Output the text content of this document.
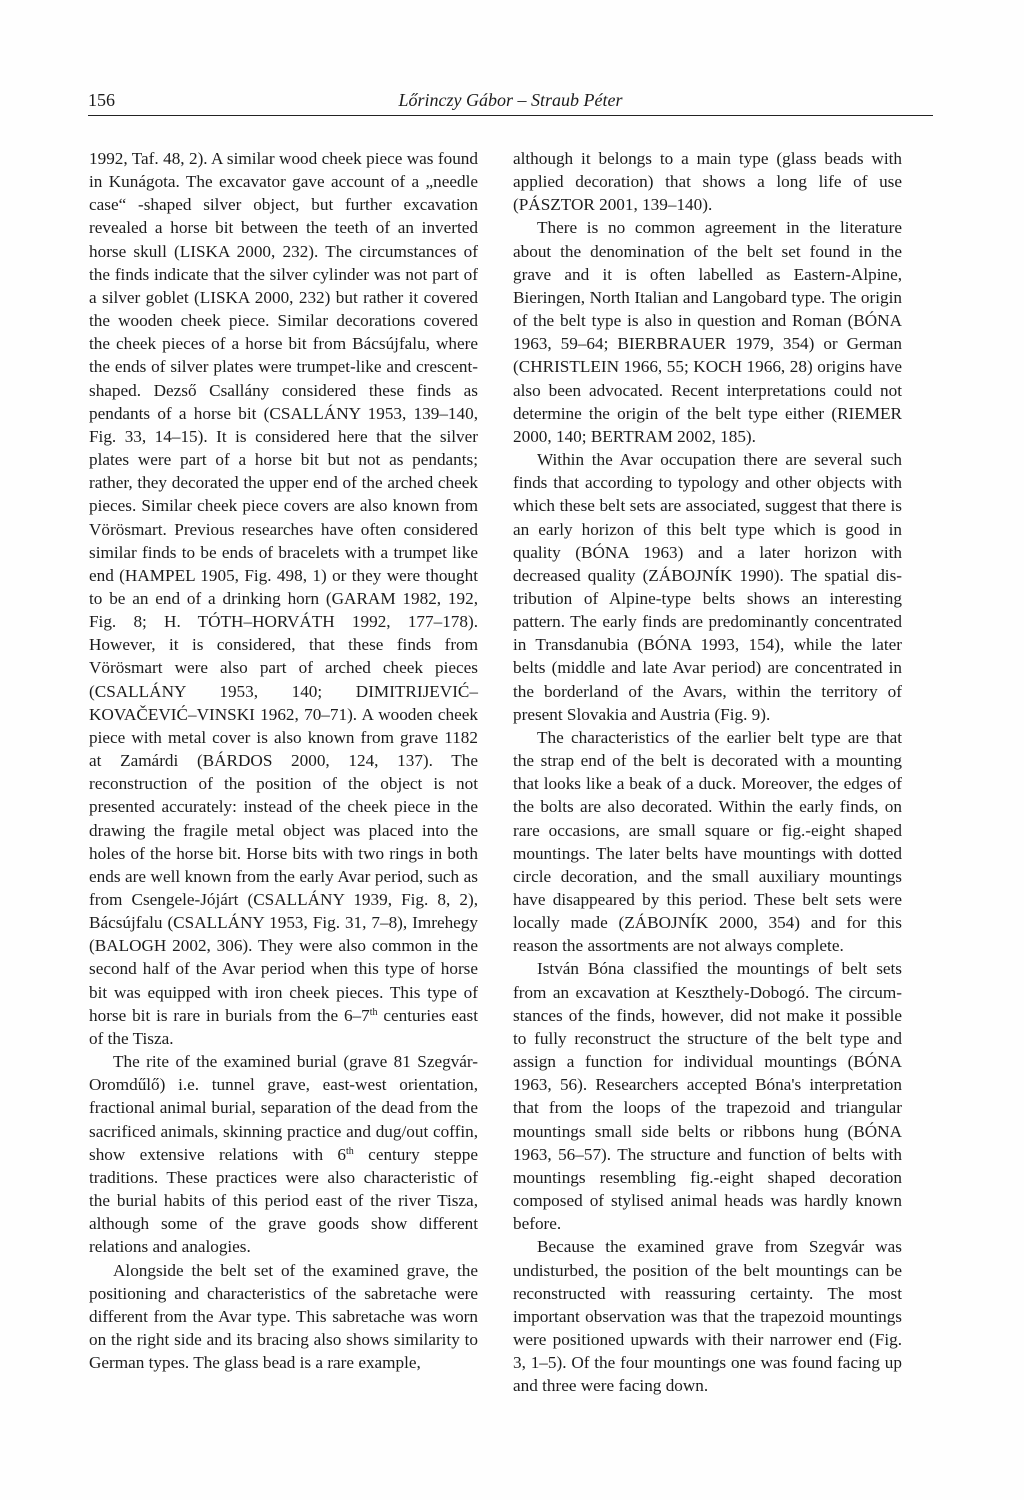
156	Lőrinczy Gábor – Straub Péter

1992, Taf. 48, 2). A similar wood cheek piece was found in Kunágota. The excavator gave account of a „needle case“ -shaped silver object, but further excavation revealed a horse bit between the teeth of an inverted horse skull (LISKA 2000, 232). The circumstances of the finds indicate that the silver cylinder was not part of a silver goblet (LISKA 2000, 232) but rather it covered the wooden cheek piece. Similar decorations covered the cheek pieces of a horse bit from Bácsújfalu, where the ends of silver plates were trumpet-like and crescent-shaped. Dezső Csallány considered these finds as pendants of a horse bit (CSALLÁNY 1953, 139–140, Fig. 33, 14–15). It is considered here that the silver plates were part of a horse bit but not as pendants; rather, they decorated the upper end of the arched cheek pieces. Similar cheek piece covers are also known from Vörösmart. Previous researches have often considered similar finds to be ends of bracelets with a trumpet like end (HAMPEL 1905, Fig. 498, 1) or they were thought to be an end of a drinking horn (GARAM 1982, 192, Fig. 8; H. TÓTH–HORVÁTH 1992, 177–178). However, it is considered, that these finds from Vörösmart were also part of arched cheek pieces (CSALLÁNY 1953, 140; DIMITRIJEVIĆ–KOVAČEVIĆ–VINSKI 1962, 70–71). A wooden cheek piece with metal cover is also known from grave 1182 at Zamárdi (BÁRDOS 2000, 124, 137). The reconstruction of the position of the object is not presented accurately: instead of the cheek piece in the drawing the fragile metal object was placed into the holes of the horse bit. Horse bits with two rings in both ends are well known from the early Avar period, such as from Csengele-Jójárt (CSALLÁNY 1939, Fig. 8, 2), Bácsújfalu (CSALLÁNY 1953, Fig. 31, 7–8), Imrehegy (BALOGH 2002, 306). They were also common in the second half of the Avar period when this type of horse bit was equipped with iron cheek pieces. This type of horse bit is rare in burials from the 6–7th centuries east of the Tisza.

The rite of the examined burial (grave 81 Szegvár-Oromdűlő) i.e. tunnel grave, east-west orientation, fractional animal burial, separation of the dead from the sacrificed animals, skinning practice and dug/out coffin, show extensive relations with 6th century steppe traditions. These practices were also characteristic of the burial habits of this period east of the river Tisza, although some of the grave goods show different relations and analogies.

Alongside the belt set of the examined grave, the positioning and characteristics of the sabretache were different from the Avar type. This sabretache was worn on the right side and its bracing also shows similarity to German types. The glass bead is a rare example,

although it belongs to a main type (glass beads with applied decoration) that shows a long life of use (PÁSZTOR 2001, 139–140).

There is no common agreement in the literature about the denomination of the belt set found in the grave and it is often labelled as Eastern-Alpine, Bieringen, North Italian and Langobard type. The origin of the belt type is also in question and Roman (BÓNA 1963, 59–64; BIERBRAUER 1979, 354) or German (CHRISTLEIN 1966, 55; KOCH 1966, 28) origins have also been advocated. Recent interpretations could not determine the origin of the belt type either (RIEMER 2000, 140; BERTRAM 2002, 185).

Within the Avar occupation there are several such finds that according to typology and other objects with which these belt sets are associated, suggest that there is an early horizon of this belt type which is good in quality (BÓNA 1963) and a later horizon with decreased quality (ZÁBOJNÍK 1990). The spatial distribution of Alpine-type belts shows an interesting pattern. The early finds are predominantly concentrated in Transdanubia (BÓNA 1993, 154), while the later belts (middle and late Avar period) are concentrated in the borderland of the Avars, within the territory of present Slovakia and Austria (Fig. 9).

The characteristics of the earlier belt type are that the strap end of the belt is decorated with a mounting that looks like a beak of a duck. Moreover, the edges of the bolts are also decorated. Within the early finds, on rare occasions, are small square or fig.-eight shaped mountings. The later belts have mountings with dotted circle decoration, and the small auxiliary mountings have disappeared by this period. These belt sets were locally made (ZÁBOJNÍK 2000, 354) and for this reason the assortments are not always complete.

István Bóna classified the mountings of belt sets from an excavation at Keszthely-Dobogó. The circumstances of the finds, however, did not make it possible to fully reconstruct the structure of the belt type and assign a function for individual mountings (BÓNA 1963, 56). Researchers accepted Bóna's interpretation that from the loops of the trapezoid and triangular mountings small side belts or ribbons hung (BÓNA 1963, 56–57). The structure and function of belts with mountings resembling fig.-eight shaped decoration composed of stylised animal heads was hardly known before.

Because the examined grave from Szegvár was undisturbed, the position of the belt mountings can be reconstructed with reassuring certainty. The most important observation was that the trapezoid mountings were positioned upwards with their narrower end (Fig. 3, 1–5). Of the four mountings one was found facing up and three were facing down.
